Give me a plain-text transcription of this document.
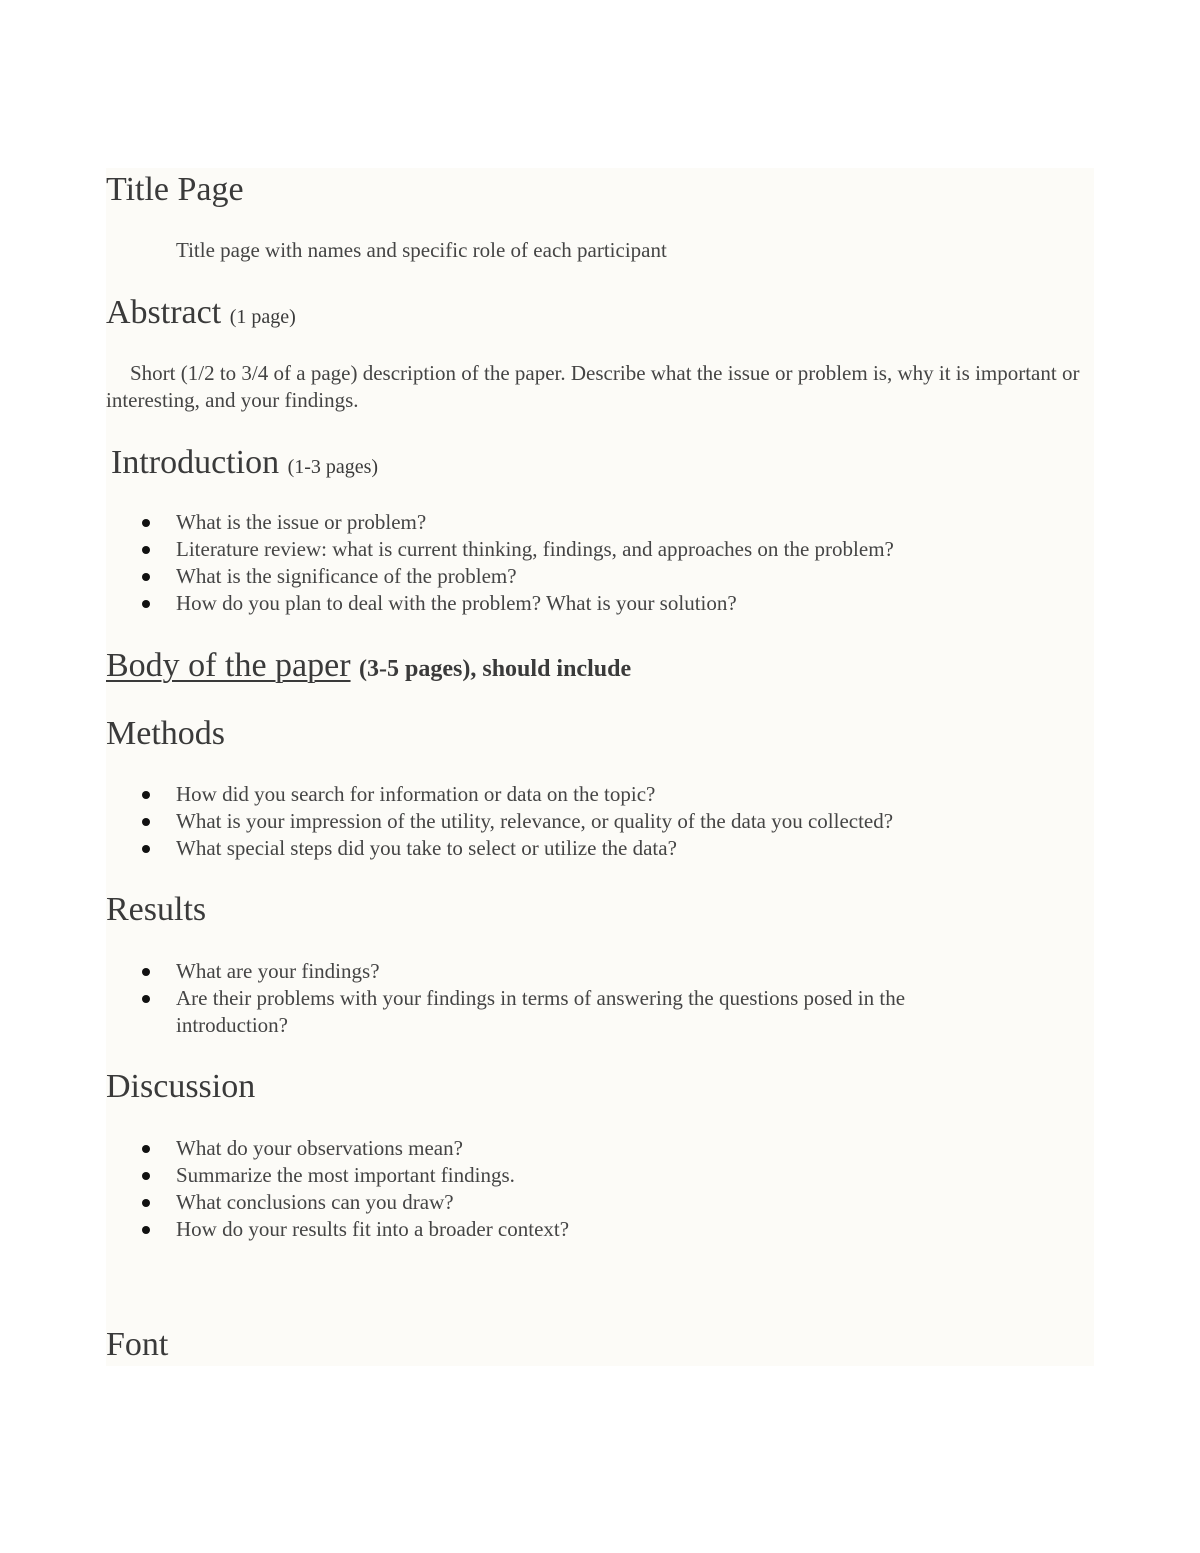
Title Page

Title page with names and specific role of each participant

Abstract (1 page)

Short (1/2 to 3/4 of a page) description of the paper. Describe what the issue or problem is, why it is important or interesting, and your findings.

Introduction (1-3 pages)
What is the issue or problem?
Literature review: what is current thinking, findings, and approaches on the problem?
What is the significance of the problem?
How do you plan to deal with the problem? What is your solution?
Body of the paper (3-5 pages), should include
Methods
How did you search for information or data on the topic?
What is your impression of the utility, relevance, or quality of the data you collected?
What special steps did you take to select or utilize the data?
Results
What are your findings?
Are their problems with your findings in terms of answering the questions posed in the introduction?
Discussion
What do your observations mean?
Summarize the most important findings.
What conclusions can you draw?
How do your results fit into a broader context?
Font
